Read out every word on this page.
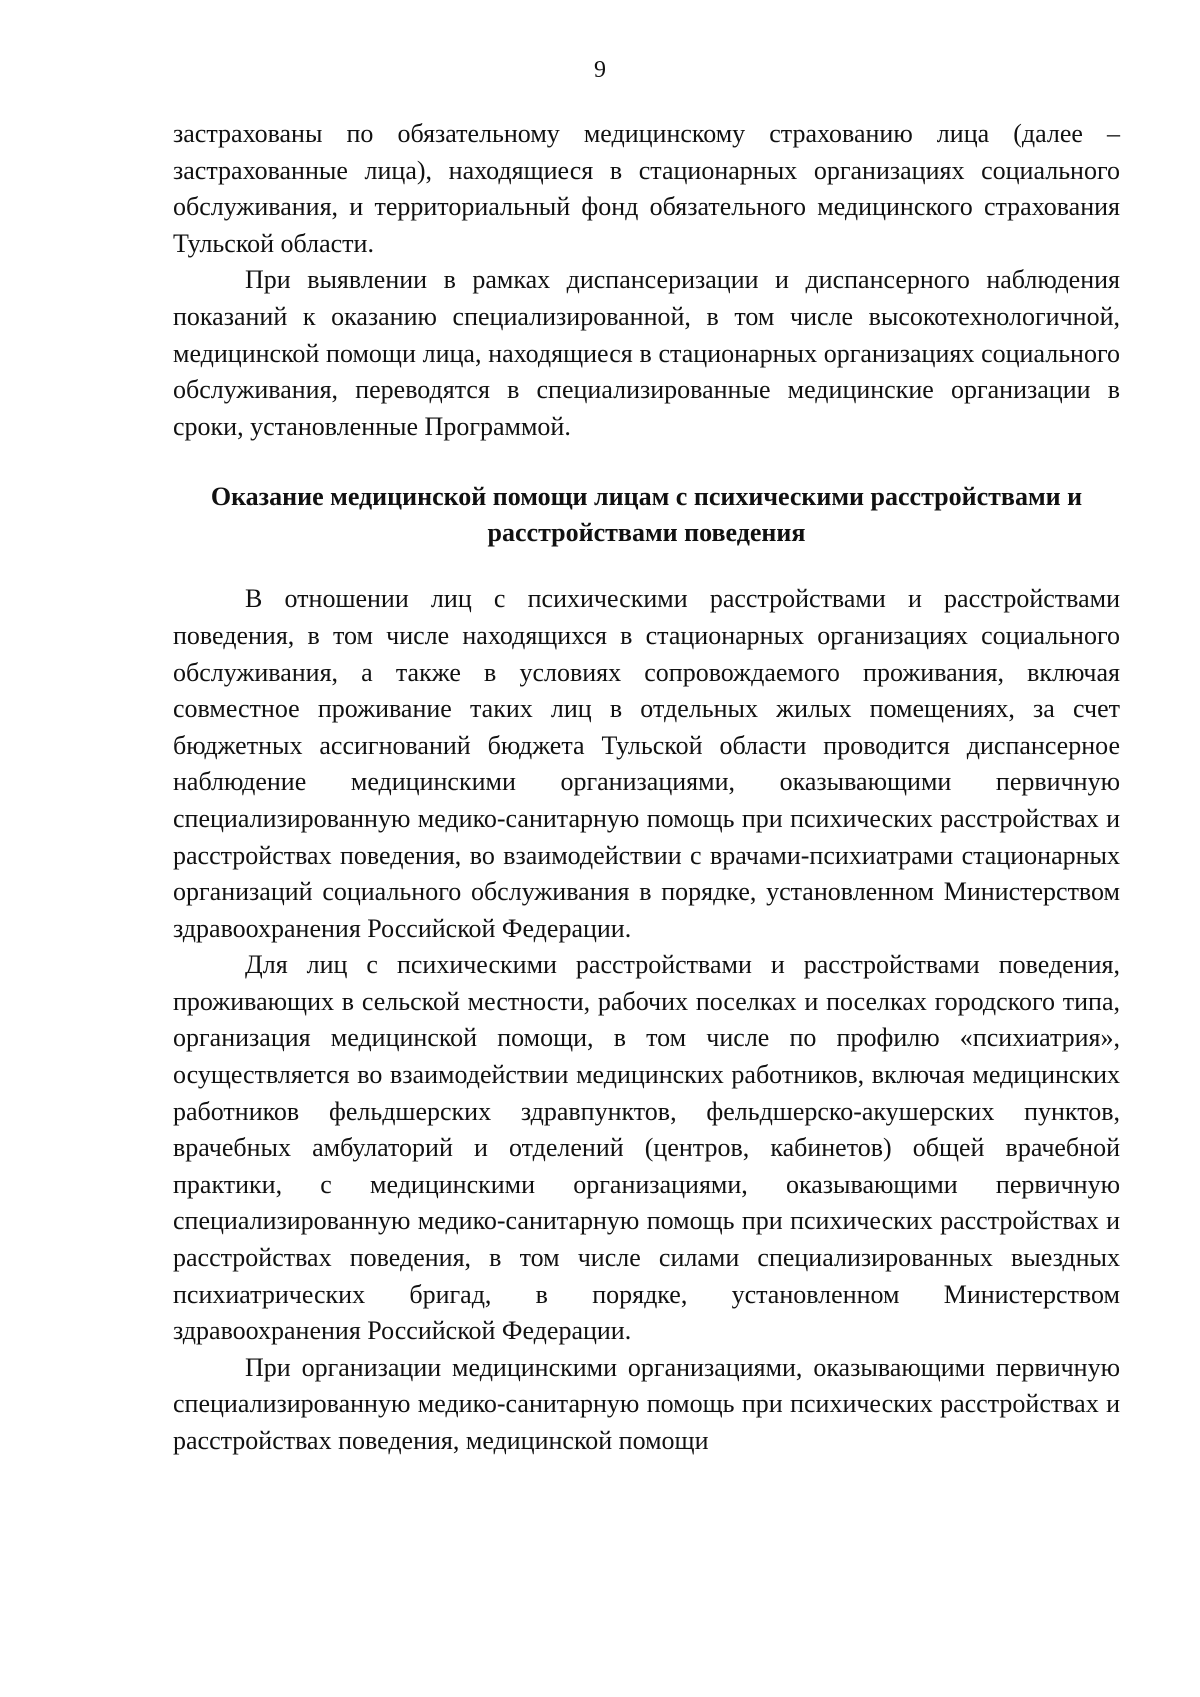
9

застрахованы по обязательному медицинскому страхованию лица (далее – застрахованные лица), находящиеся в стационарных организациях социального обслуживания, и территориальный фонд обязательного медицинского страхования Тульской области.

При выявлении в рамках диспансеризации и диспансерного наблюдения показаний к оказанию специализированной, в том числе высокотехнологичной, медицинской помощи лица, находящиеся в стационарных организациях социального обслуживания, переводятся в специализированные медицинские организации в сроки, установленные Программой.

Оказание медицинской помощи лицам с психическими расстройствами и расстройствами поведения

В отношении лиц с психическими расстройствами и расстройствами поведения, в том числе находящихся в стационарных организациях социального обслуживания, а также в условиях сопровождаемого проживания, включая совместное проживание таких лиц в отдельных жилых помещениях, за счет бюджетных ассигнований бюджета Тульской области проводится диспансерное наблюдение медицинскими организациями, оказывающими первичную специализированную медико-санитарную помощь при психических расстройствах и расстройствах поведения, во взаимодействии с врачами-психиатрами стационарных организаций социального обслуживания в порядке, установленном Министерством здравоохранения Российской Федерации.

Для лиц с психическими расстройствами и расстройствами поведения, проживающих в сельской местности, рабочих поселках и поселках городского типа, организация медицинской помощи, в том числе по профилю «психиатрия», осуществляется во взаимодействии медицинских работников, включая медицинских работников фельдшерских здравпунктов, фельдшерско-акушерских пунктов, врачебных амбулаторий и отделений (центров, кабинетов) общей врачебной практики, с медицинскими организациями, оказывающими первичную специализированную медико-санитарную помощь при психических расстройствах и расстройствах поведения, в том числе силами специализированных выездных психиатрических бригад, в порядке, установленном Министерством здравоохранения Российской Федерации.

При организации медицинскими организациями, оказывающими первичную специализированную медико-санитарную помощь при психических расстройствах и расстройствах поведения, медицинской помощи
